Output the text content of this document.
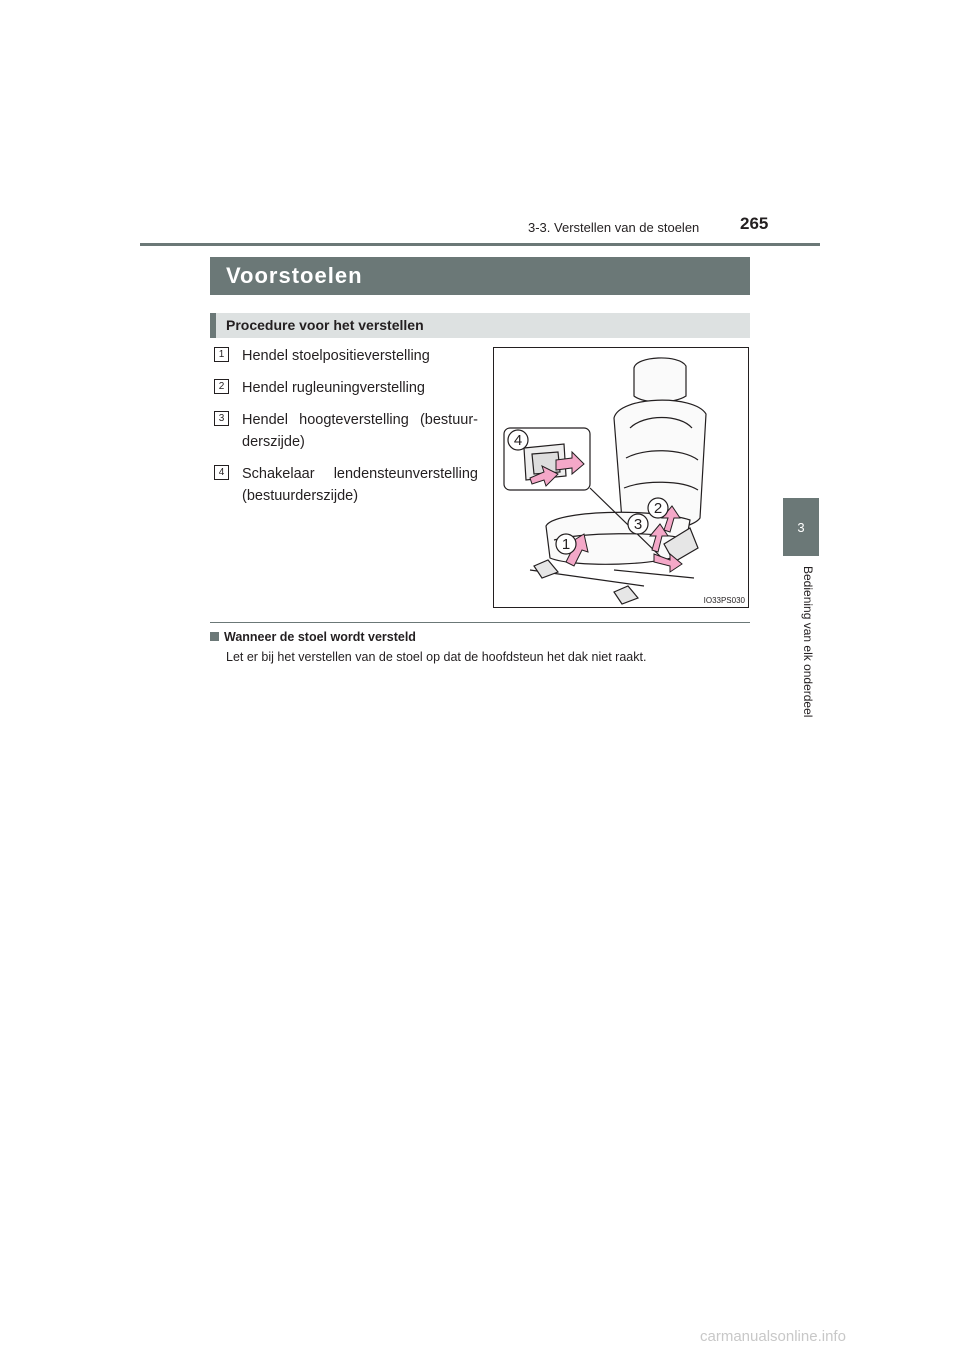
3-3. Verstellen van de stoelen 265
3
Bediening van elk onderdeel
Voorstoelen
Procedure voor het verstellen
1	Hendel stoelpositieverstelling
2	Hendel rugleuningverstelling
3	Hendel hoogteverstelling (bestuur-derszijde)
4	Schakelaar lendensteunverstelling (bestuurderszijde)
4
1
2
3
IO33PS030
Wanneer de stoel wordt versteld
Let er bij het verstellen van de stoel op dat de hoofdsteun het dak niet raakt.
carmanualsonline.info
